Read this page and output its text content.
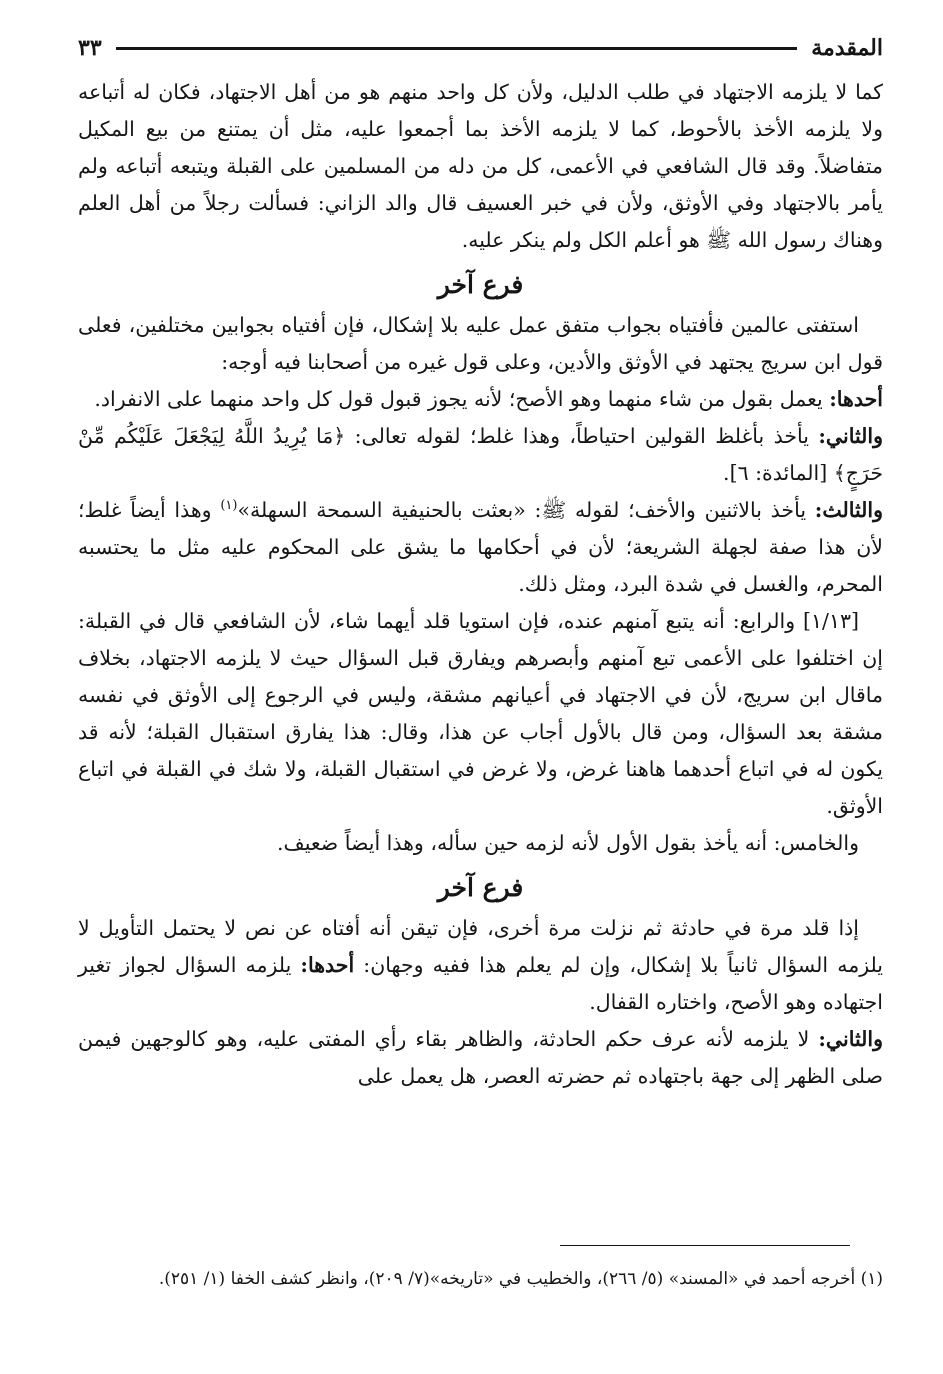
المقدمة
٣٣

كما لا يلزمه الاجتهاد في طلب الدليل، ولأن كل واحد منهم هو من أهل الاجتهاد، فكان له أتباعه ولا يلزمه الأخذ بالأحوط، كما لا يلزمه الأخذ بما أجمعوا عليه، مثل أن يمتنع من بيع المكيل متفاضلاً. وقد قال الشافعي في الأعمى، كل من دله من المسلمين على القبلة ويتبعه أتباعه ولم يأمر بالاجتهاد وفي الأوثق، ولأن في خبر العسيف قال والد الزاني: فسألت رجلاً من أهل العلم وهناك رسول الله ﷺ هو أعلم الكل ولم ينكر عليه.

فرع آخر

استفتى عالمين فأفتياه بجواب متفق عمل عليه بلا إشكال، فإن أفتياه بجوابين مختلفين، فعلى قول ابن سريج يجتهد في الأوثق والأدين، وعلى قول غيره من أصحابنا فيه أوجه:

أحدها: يعمل بقول من شاء منهما وهو الأصح؛ لأنه يجوز قبول قول كل واحد منهما على الانفراد.

والثاني: يأخذ بأغلظ القولين احتياطاً، وهذا غلط؛ لقوله تعالى: ﴿مَا يُرِيدُ اللَّهُ لِيَجْعَلَ عَلَيْكُم مِّنْ حَرَجٍ﴾ [المائدة: ٦].

والثالث: يأخذ بالاثنين والأخف؛ لقوله ﷺ: «بعثت بالحنيفية السمحة السهلة»$^{(١)}$ وهذا أيضاً غلط؛ لأن هذا صفة لجهلة الشريعة؛ لأن في أحكامها ما يشق على المحكوم عليه مثل ما يحتسبه المحرم، والغسل في شدة البرد، ومثل ذلك.

[١/١٣] والرابع: أنه يتبع آمنهم عنده، فإن استويا قلد أيهما شاء، لأن الشافعي قال في القبلة: إن اختلفوا على الأعمى تبع آمنهم وأبصرهم ويفارق قبل السؤال حيث لا يلزمه الاجتهاد، بخلاف ماقال ابن سريج، لأن في الاجتهاد في أعيانهم مشقة، وليس في الرجوع إلى الأوثق في نفسه مشقة بعد السؤال، ومن قال بالأول أجاب عن هذا، وقال: هذا يفارق استقبال القبلة؛ لأنه قد يكون له في اتباع أحدهما هاهنا غرض، ولا غرض في استقبال القبلة، ولا شك في القبلة في اتباع الأوثق.

والخامس: أنه يأخذ بقول الأول لأنه لزمه حين سأله، وهذا أيضاً ضعيف.

فرع آخر

إذا قلد مرة في حادثة ثم نزلت مرة أخرى، فإن تيقن أنه أفتاه عن نص لا يحتمل التأويل لا يلزمه السؤال ثانياً بلا إشكال، وإن لم يعلم هذا ففيه وجهان: أحدها: يلزمه السؤال لجواز تغير اجتهاده وهو الأصح، واختاره القفال.

والثاني: لا يلزمه لأنه عرف حكم الحادثة، والظاهر بقاء رأي المفتى عليه، وهو كالوجهين فيمن صلى الظهر إلى جهة باجتهاده ثم حضرته العصر، هل يعمل على

(١) أخرجه أحمد في «المسند» (٥/ ٢٦٦)، والخطيب في «تاريخه»(٧/ ٢٠٩)، وانظر كشف الخفا (١/ ٢٥١).
